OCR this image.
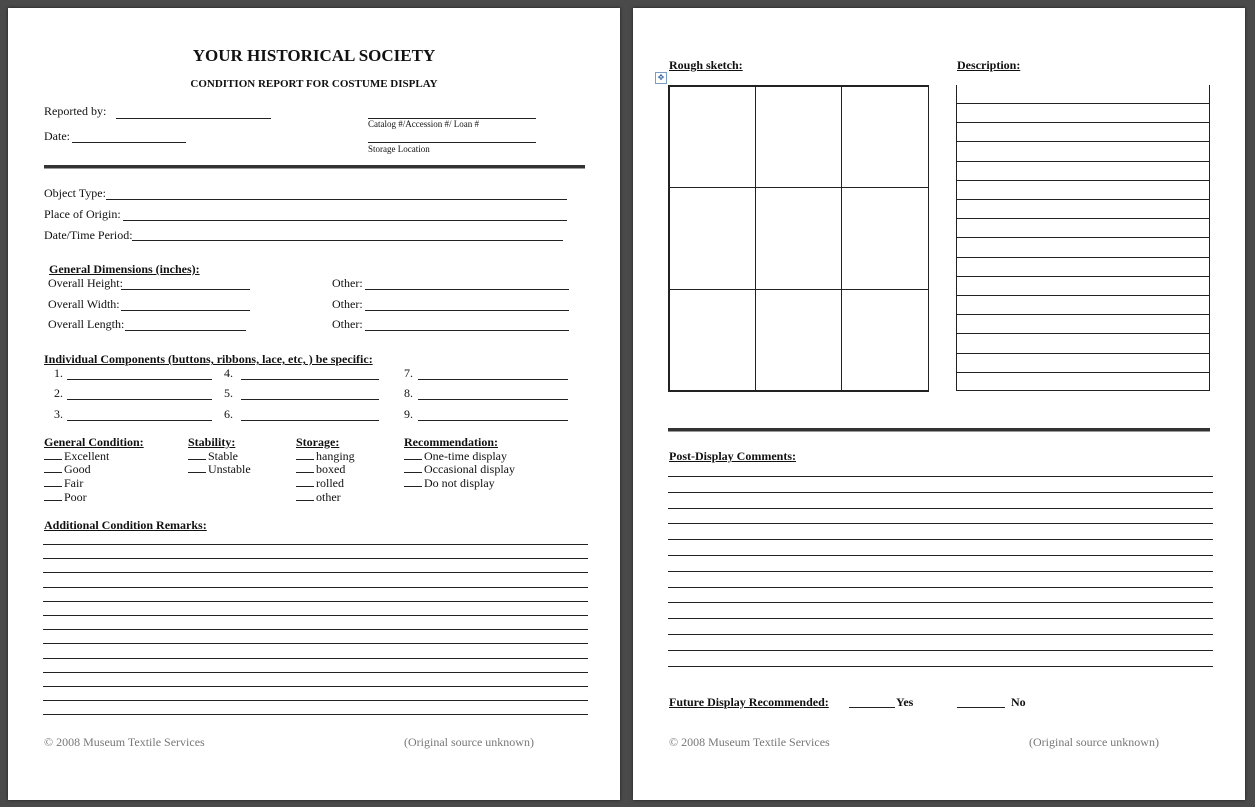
YOUR HISTORICAL SOCIETY
CONDITION REPORT FOR COSTUME DISPLAY
Reported by:
Date:
Catalog #/Accession #/ Loan #
Storage Location
Object Type:
Place of Origin:
Date/Time Period:
General Dimensions (inches):
Overall Height:
Overall Width:
Overall Length:
Other:
Other:
Other:
Individual Components (buttons, ribbons, lace, etc, ) be specific:
1.
2.
3.
4.
5.
6.
7.
8.
9.
General Condition:
Excellent
Good
Fair
Poor
Stability:
Stable
Unstable
Storage:
hanging
boxed
rolled
other
Recommendation:
One-time display
Occasional display
Do not display
Additional Condition Remarks:
© 2008 Museum Textile Services	(Original source unknown)
Rough sketch:	Description:
✥
Post-Display Comments:
Future Display Recommended:	Yes	No
© 2008 Museum Textile Services	(Original source unknown)
